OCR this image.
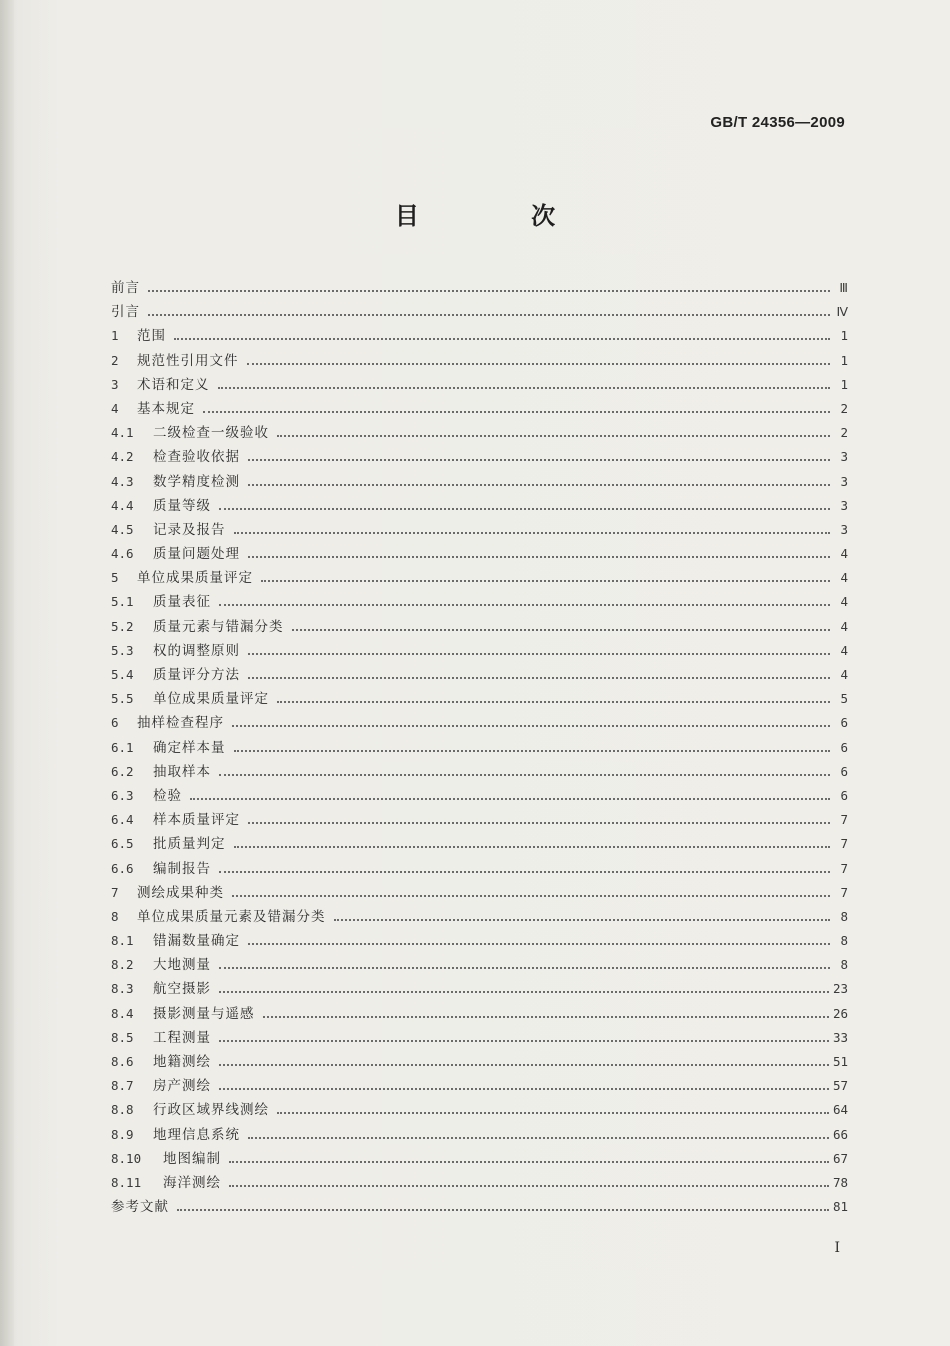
GB/T 24356—2009
目 次
前言	Ⅲ
引言	Ⅳ
1	范围	1
2	规范性引用文件	1
3	术语和定义	1
4	基本规定	2
4.1	二级检查一级验收	2
4.2	检查验收依据	3
4.3	数学精度检测	3
4.4	质量等级	3
4.5	记录及报告	3
4.6	质量问题处理	4
5	单位成果质量评定	4
5.1	质量表征	4
5.2	质量元素与错漏分类	4
5.3	权的调整原则	4
5.4	质量评分方法	4
5.5	单位成果质量评定	5
6	抽样检查程序	6
6.1	确定样本量	6
6.2	抽取样本	6
6.3	检验	6
6.4	样本质量评定	7
6.5	批质量判定	7
6.6	编制报告	7
7	测绘成果种类	7
8	单位成果质量元素及错漏分类	8
8.1	错漏数量确定	8
8.2	大地测量	8
8.3	航空摄影	23
8.4	摄影测量与遥感	26
8.5	工程测量	33
8.6	地籍测绘	51
8.7	房产测绘	57
8.8	行政区域界线测绘	64
8.9	地理信息系统	66
8.10	地图编制	67
8.11	海洋测绘	78
参考文献	81
I
